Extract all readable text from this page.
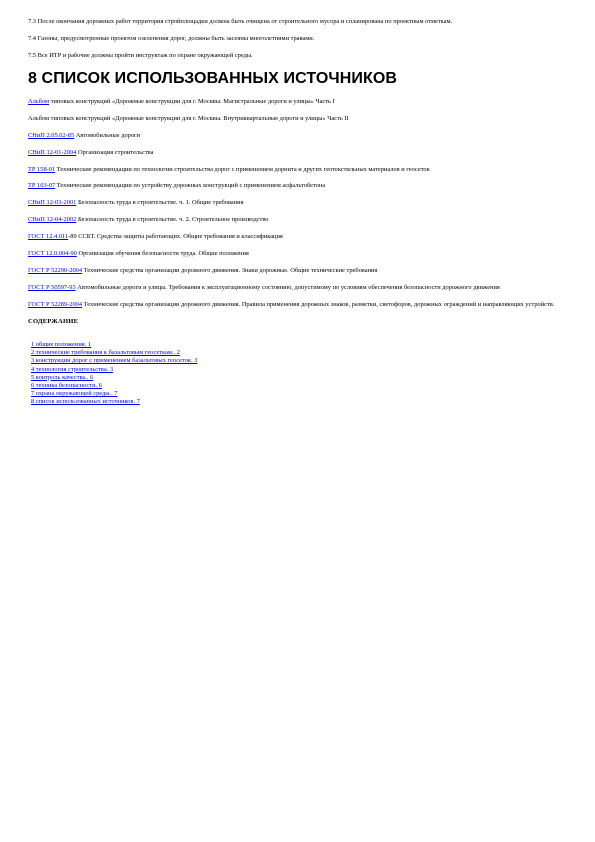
7.3 После окончания дорожных работ территория стройплощадки должна быть очищена от строительного мусора и спланирована по проектным отметкам.

7.4 Газоны, предусмотренные проектом озеленения дорог, должны быть засеяны многолетними травами.

7.5 Все ИТР и рабочие должны пройти инструктаж по охране окружающей среды.

8 СПИСОК ИСПОЛЬЗОВАННЫХ ИСТОЧНИКОВ

Альбом типовых конструкций «Дорожные конструкции для г. Москвы. Магистральные дороги и улицы» Часть I

Альбом типовых конструкций «Дорожные конструкции для г. Москвы. Внутриквартальные дороги и улицы» Часть II

СНиП 2.05.02-85 Автомобильные дороги

СНиП 12-01-2004 Организация строительства

ТР 158-01 Технические рекомендации по технологии строительства дорог с применением дорнита и других геотекстильных материалов и геосеток

ТР 103-07 Технические рекомендации по устройству дорожных конструкций с применением асфальтобетона

СНиП 12-03-2001 Безопасность труда в строительстве. ч. 1. Общие требования

СНиП 12-04-2002 Безопасность труда в строительстве. ч. 2. Строительное производство

ГОСТ 12.4.011-89 ССБТ. Средства защиты работающих. Общие требования и классификация

ГОСТ 12.0.004-90 Организация обучения безопасности труда. Общие положения

ГОСТ Р 52290-2004 Технические средства организации дорожного движения. Знаки дорожные. Общие технические требования

ГОСТ Р 50597-93 Автомобильные дороги и улицы. Требования к эксплуатационному состоянию, допустимому по условиям обеспечения безопасности дорожного движения

ГОСТ Р 52289-2004 Технические средства организации дорожного движения. Правила применения дорожных знаков, разметки, светофоров, дорожных ограждений и направляющих устройств.

СОДЕРЖАНИЕ

1 общие положения. 1
2 технические требования к базальтовым геосеткам.. 2
3 конструкции дорог с применением базальтовых геосеток. 3
4 технология строительства. 3
5 контроль качества.. 6
6 техника безопасности. 6
7 охрана окружающей среды.. 7
8 список использованных источников. 7
